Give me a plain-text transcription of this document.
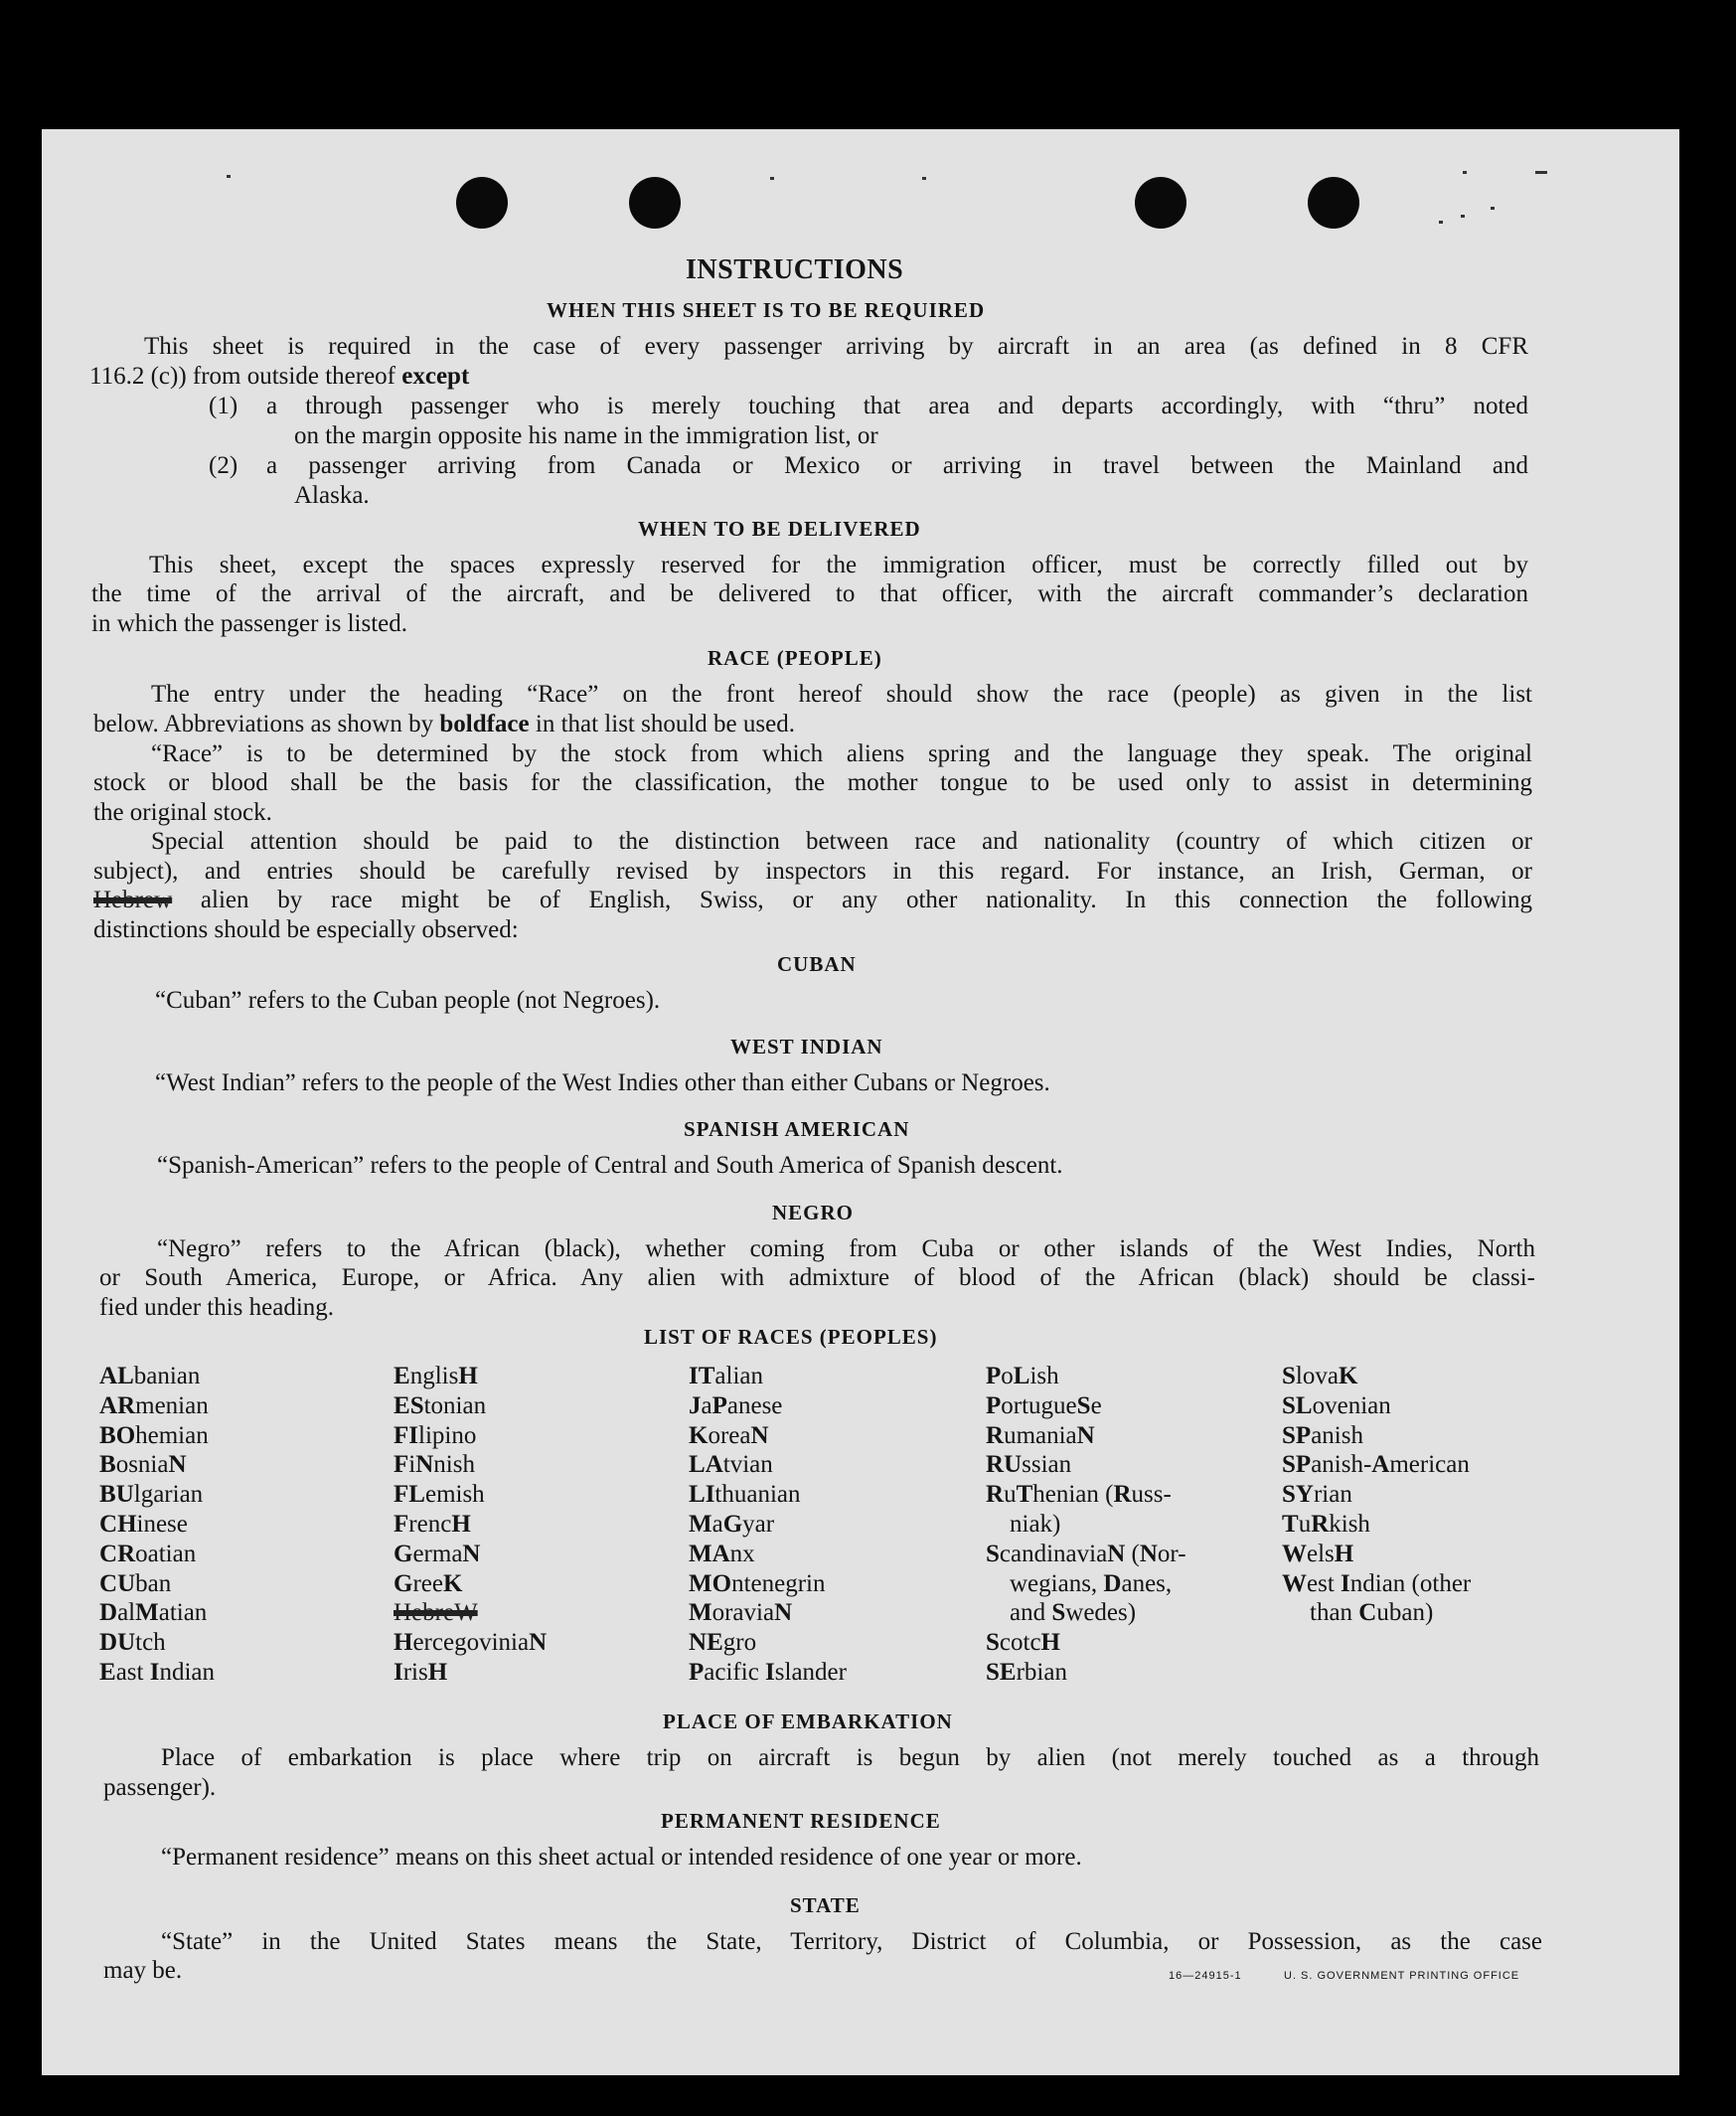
INSTRUCTIONS
WHEN THIS SHEET IS TO BE REQUIRED
This sheet is required in the case of every passenger arriving by aircraft in an area (as defined in 8 CFR
116.2 (c)) from outside thereof except
(1) a through passenger who is merely touching that area and departs accordingly, with “thru” noted
on the margin opposite his name in the immigration list, or
(2) a passenger arriving from Canada or Mexico or arriving in travel between the Mainland and
Alaska.
WHEN TO BE DELIVERED
This sheet, except the spaces expressly reserved for the immigration officer, must be correctly filled out by
the time of the arrival of the aircraft, and be delivered to that officer, with the aircraft commander’s declaration
in which the passenger is listed.
RACE (PEOPLE)
The entry under the heading “Race” on the front hereof should show the race (people) as given in the list
below. Abbreviations as shown by boldface in that list should be used.
“Race” is to be determined by the stock from which aliens spring and the language they speak. The original
stock or blood shall be the basis for the classification, the mother tongue to be used only to assist in determining
the original stock.
Special attention should be paid to the distinction between race and nationality (country of which citizen or
subject), and entries should be carefully revised by inspectors in this regard. For instance, an Irish, German, or
Hebrew alien by race might be of English, Swiss, or any other nationality. In this connection the following
distinctions should be especially observed:
CUBAN
“Cuban” refers to the Cuban people (not Negroes).
WEST INDIAN
“West Indian” refers to the people of the West Indies other than either Cubans or Negroes.
SPANISH AMERICAN
“Spanish-American” refers to the people of Central and South America of Spanish descent.
NEGRO
“Negro” refers to the African (black), whether coming from Cuba or other islands of the West Indies, North
or South America, Europe, or Africa. Any alien with admixture of blood of the African (black) should be classi-
fied under this heading.
LIST OF RACES (PEOPLES)
ALbanian
ARmenian
BOhemian
BosniaN
BUlgarian
CHinese
CRoatian
CUban
DalMatian
DUtch
East Indian
EnglisH
EStonian
FIlipino
FiNnish
FLemish
FrencH
GermaN
GreeK
HebreW
HercegoviniaN
IrisH
ITalian
JaPanese
KoreaN
LAtvian
LIthuanian
MaGyar
MAnx
MOntenegrin
MoraviaN
NEgro
Pacific Islander
PoLish
PortugueSe
RumaniaN
RUssian
RuThenian (Russ-
niak)
ScandinaviaN (Nor-
wegians, Danes,
and Swedes)
ScotcH
SErbian
SlovaK
SLovenian
SPanish
SPanish-American
SYrian
TuRkish
WelsH
West Indian (other
than Cuban)
PLACE OF EMBARKATION
Place of embarkation is place where trip on aircraft is begun by alien (not merely touched as a through
passenger).
PERMANENT RESIDENCE
“Permanent residence” means on this sheet actual or intended residence of one year or more.
STATE
“State” in the United States means the State, Territory, District of Columbia, or Possession, as the case
may be.	16—24915-1	U. S. GOVERNMENT PRINTING OFFICE
